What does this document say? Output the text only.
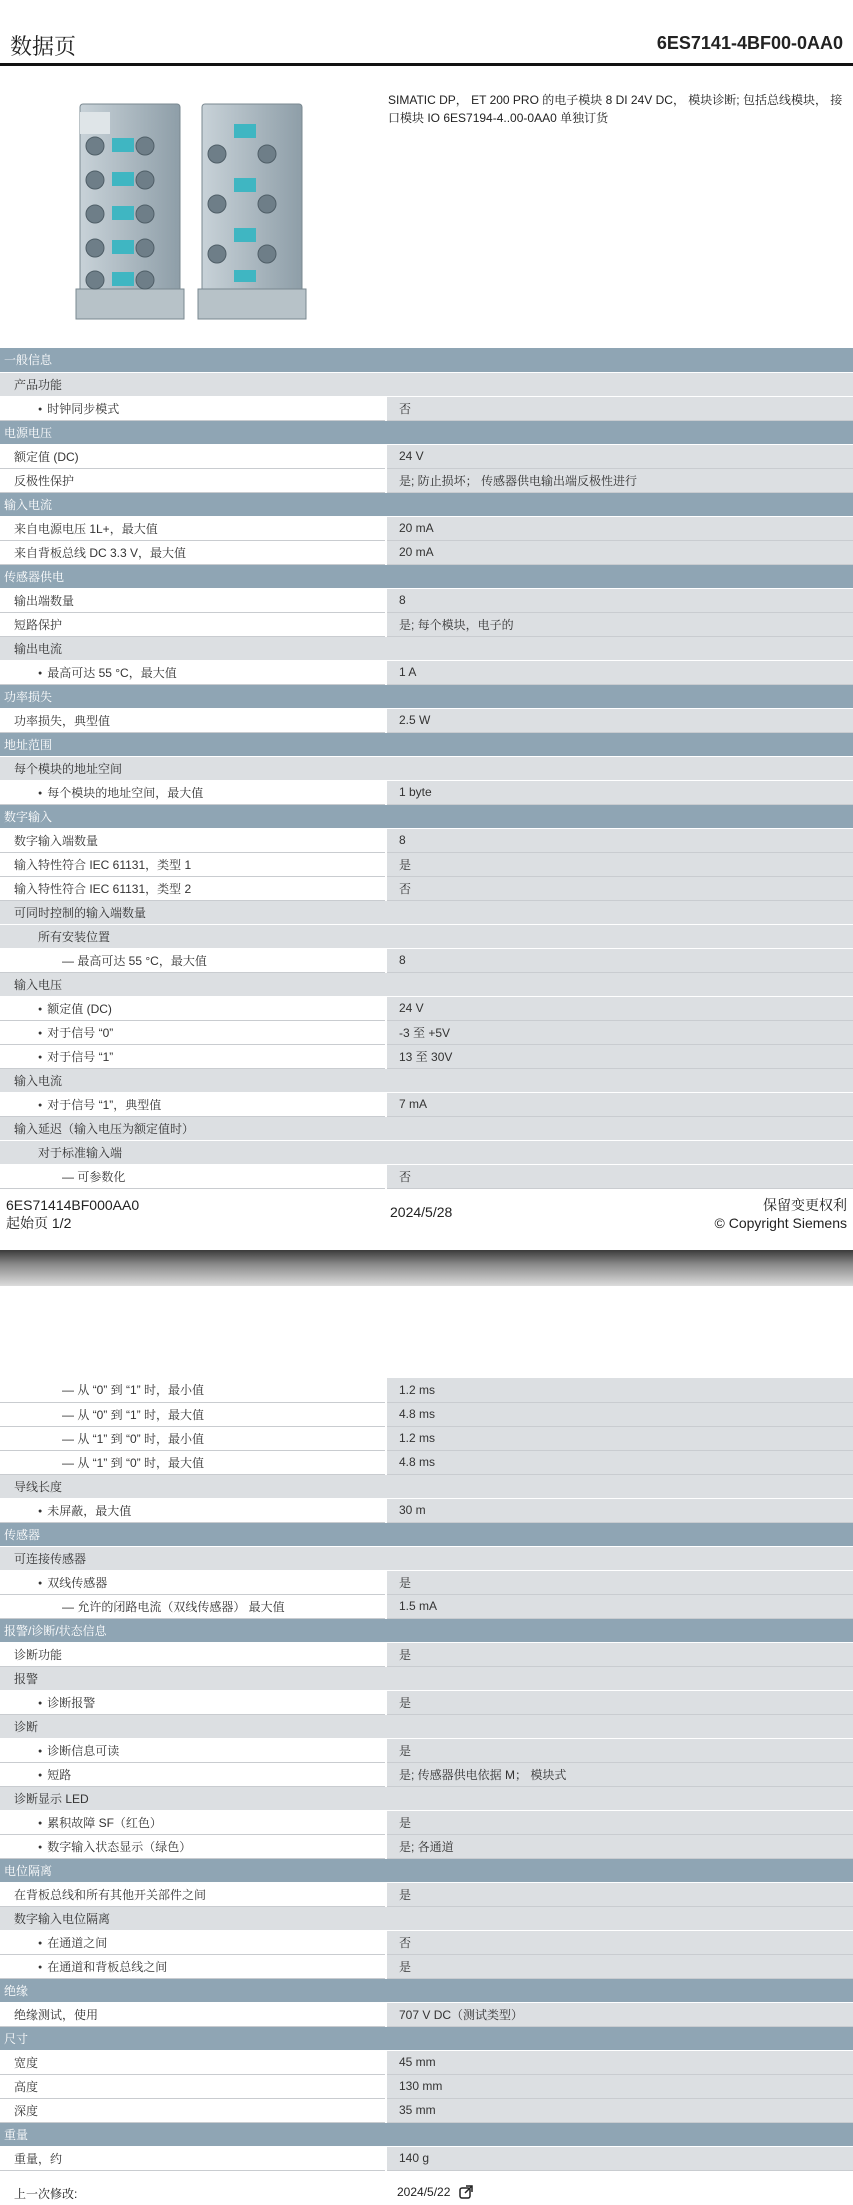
数据页	6ES7141-4BF00-0AA0
SIMATIC DP， ET 200 PRO 的电子模块 8 DI 24V DC， 模块诊断; 包括总线模块， 接口模块 IO 6ES7194-4..00-0AA0 单独订货
一般信息	
产品功能	
● 时钟同步模式	否
电源电压	
额定值 (DC)	24 V
反极性保护	是; 防止损坏； 传感器供电输出端反极性进行
输入电流	
来自电源电压 1L+，最大值	20 mA
来自背板总线 DC 3.3 V，最大值	20 mA
传感器供电	
输出端数量	8
短路保护	是; 每个模块，电子的
输出电流	
● 最高可达 55 °C，最大值	1 A
功率损失	
功率损失，典型值	2.5 W
地址范围	
每个模块的地址空间	
● 每个模块的地址空间，最大值	1 byte
数字输入	
数字输入端数量	8
输入特性符合 IEC 61131，类型 1	是
输入特性符合 IEC 61131，类型 2	否
可同时控制的输入端数量	
所有安装位置	
— 最高可达 55 °C，最大值	8
输入电压	
● 额定值 (DC)	24 V
● 对于信号 “0”	-3 至 +5V
● 对于信号 “1”	13 至 30V
输入电流	
● 对于信号 “1”，典型值	7 mA
输入延迟（输入电压为额定值时）	
对于标准输入端	
— 可参数化	否
6ES71414BF000AA0
起始页 1/2
2024/5/28	保留变更权利
© Copyright Siemens
— 从 “0” 到 “1” 时，最小值	1.2 ms
— 从 “0” 到 “1” 时，最大值	4.8 ms
— 从 “1” 到 “0” 时，最小值	1.2 ms
— 从 “1” 到 “0” 时，最大值	4.8 ms
导线长度	
● 未屏蔽，最大值	30 m
传感器	
可连接传感器	
● 双线传感器	是
— 允许的闭路电流（双线传感器） 最大值	1.5 mA
报警/诊断/状态信息	
诊断功能	是
报警	
● 诊断报警	是
诊断	
● 诊断信息可读	是
● 短路	是; 传感器供电依据 M； 模块式
诊断显示 LED	
● 累积故障 SF（红色）	是
● 数字输入状态显示（绿色）	是; 各通道
电位隔离	
在背板总线和所有其他开关部件之间	是
数字输入电位隔离	
● 在通道之间	否
● 在通道和背板总线之间	是
绝缘	
绝缘测试，使用	707 V DC（测试类型）
尺寸	
宽度	45 mm
高度	130 mm
深度	35 mm
重量	
重量，约	140 g
上一次修改:	2024/5/22
